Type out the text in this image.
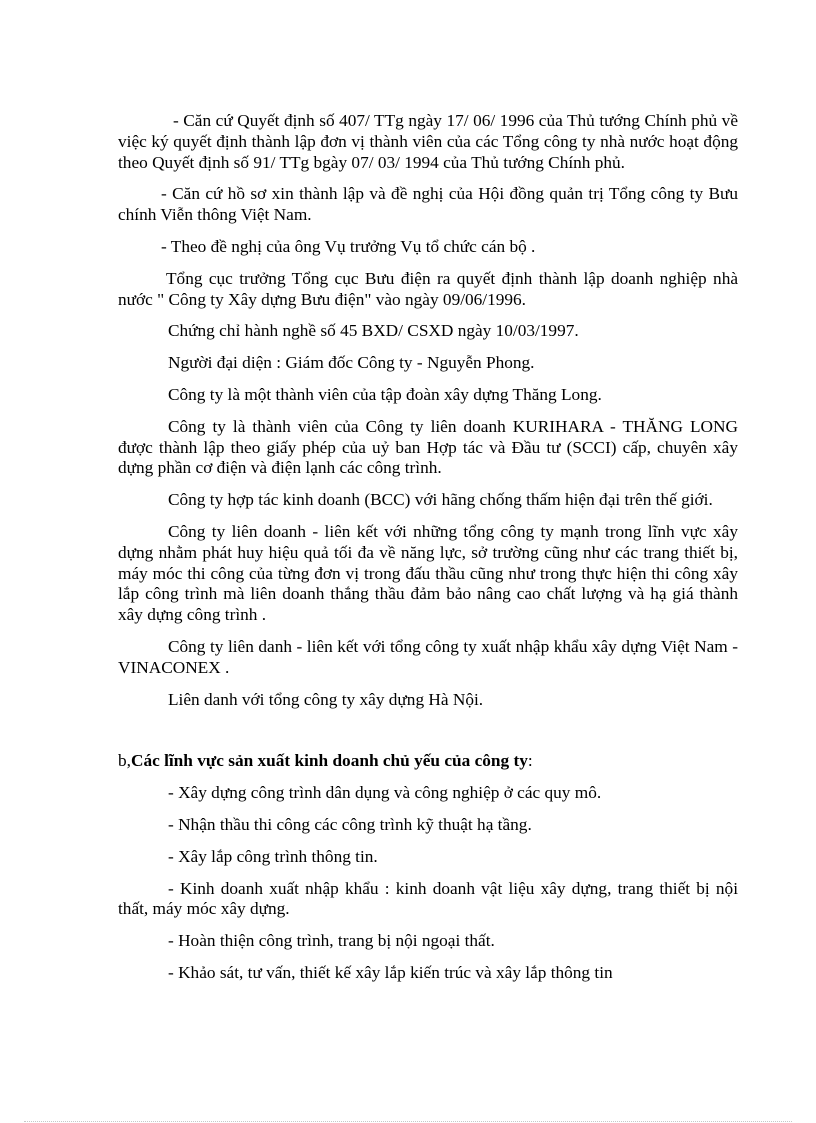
- Căn cứ Quyết định số 407/ TTg ngày 17/ 06/ 1996 của Thủ tướng Chính phủ về việc ký quyết định thành lập đơn vị thành viên của các Tổng công ty nhà nước hoạt động theo Quyết định số 91/ TTg bgày 07/ 03/ 1994 của Thủ tướng Chính phủ.

- Căn cứ hồ sơ xin thành lập và đề nghị của Hội đồng quản trị Tổng công ty Bưu chính Viễn thông Việt Nam.

- Theo đề nghị của ông Vụ trưởng Vụ tổ chức cán bộ .

Tổng cục trưởng Tổng cục Bưu điện ra quyết định thành lập doanh nghiệp nhà nước " Công ty Xây dựng Bưu điện" vào ngày 09/06/1996.

Chứng chỉ hành nghề số 45 BXD/ CSXD ngày 10/03/1997.

Người đại diện : Giám đốc Công ty - Nguyễn Phong.

Công ty là một thành viên của tập đoàn xây dựng Thăng Long.

Công ty là thành viên của Công ty liên doanh KURIHARA - THĂNG LONG được thành lập theo giấy phép của uỷ ban Hợp tác và Đầu tư (SCCI) cấp, chuyên xây dựng phần cơ điện và điện lạnh các công trình.

Công ty hợp tác kinh doanh (BCC) với hãng chống thấm hiện đại trên thế giới.

Công ty liên doanh - liên kết với những tổng công ty mạnh trong lĩnh vực xây dựng nhằm phát huy hiệu quả tối đa về năng lực, sở trường cũng như các trang thiết bị, máy móc thi công của từng đơn vị trong đấu thầu cũng như trong thực hiện thi công xây lắp công trình mà liên doanh thắng thầu đảm bảo nâng cao chất lượng và hạ giá thành xây dựng công trình .

Công ty liên danh - liên kết với tổng công ty xuất nhập khẩu xây dựng Việt Nam - VINACONEX .

Liên danh với tổng công ty xây dựng Hà Nội.

b,Các lĩnh vực sản xuất kinh doanh chủ yếu của công ty:

- Xây dựng công trình dân dụng và công nghiệp ở các quy mô.

- Nhận thầu thi công các công trình kỹ thuật hạ tầng.

- Xây lắp công trình thông tin.

- Kinh doanh xuất nhập khẩu : kinh doanh vật liệu xây dựng, trang thiết bị nội thất, máy móc xây dựng.

- Hoàn thiện công trình, trang bị nội ngoại thất.

- Khảo sát, tư vấn, thiết kế xây lắp kiến trúc và xây lắp thông tin
